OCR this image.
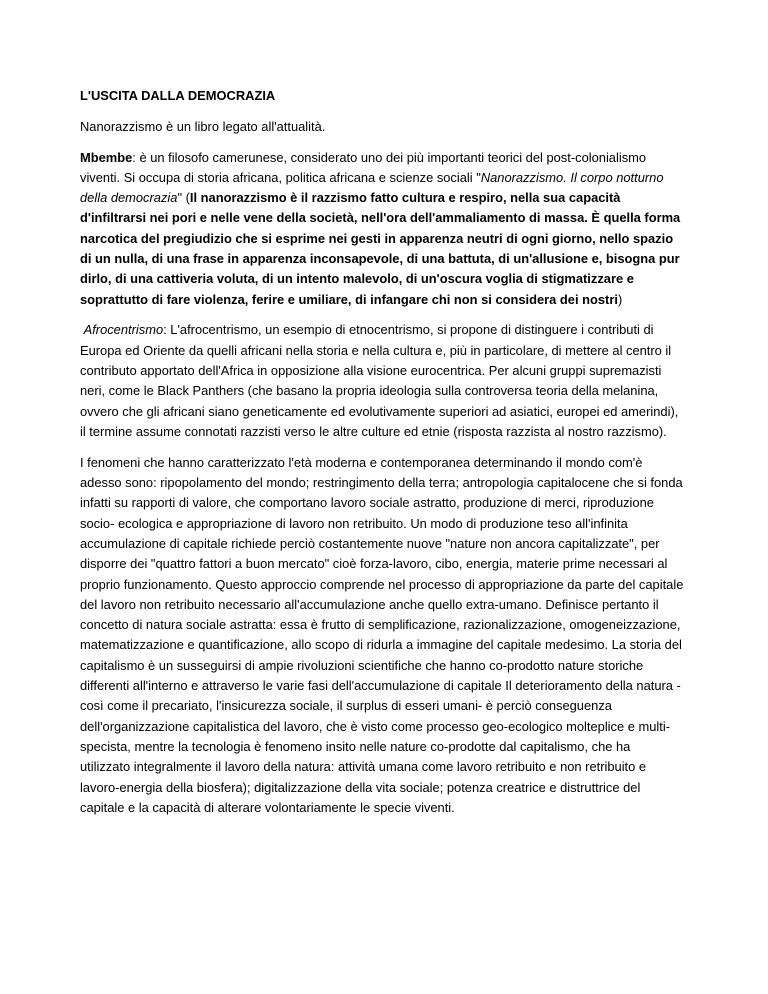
L'USCITA DALLA DEMOCRAZIA

Nanorazzismo è un libro legato all'attualità.

Mbembe: è un filosofo camerunese, considerato uno dei più importanti teorici del post-colonialismo viventi. Si occupa di storia africana, politica africana e scienze sociali "Nanorazzismo. Il corpo notturno della democrazia" (Il nanorazzismo è il razzismo fatto cultura e respiro, nella sua capacità d'infiltrarsi nei pori e nelle vene della società, nell'ora dell'ammaliamento di massa. È quella forma narcotica del pregiudizio che si esprime nei gesti in apparenza neutri di ogni giorno, nello spazio di un nulla, di una frase in apparenza inconsapevole, di una battuta, di un'allusione e, bisogna pur dirlo, di una cattiveria voluta, di un intento malevolo, di un'oscura voglia di stigmatizzare e soprattutto di fare violenza, ferire e umiliare, di infangare chi non si considera dei nostri)

Afrocentrismo: L'afrocentrismo, un esempio di etnocentrismo, si propone di distinguere i contributi di Europa ed Oriente da quelli africani nella storia e nella cultura e, più in particolare, di mettere al centro il contributo apportato dell'Africa in opposizione alla visione eurocentrica. Per alcuni gruppi supremazisti neri, come le Black Panthers (che basano la propria ideologia sulla controversa teoria della melanina, ovvero che gli africani siano geneticamente ed evolutivamente superiori ad asiatici, europei ed amerindi), il termine assume connotati razzisti verso le altre culture ed etnie (risposta razzista al nostro razzismo).

I fenomeni che hanno caratterizzato l'età moderna e contemporanea determinando il mondo com'è adesso sono: ripopolamento del mondo; restringimento della terra; antropologia capitalocene che si fonda infatti su rapporti di valore, che comportano lavoro sociale astratto, produzione di merci, riproduzione socio- ecologica e appropriazione di lavoro non retribuito. Un modo di produzione teso all'infinita accumulazione di capitale richiede perciò costantemente nuove "nature non ancora capitalizzate", per disporre dei "quattro fattori a buon mercato" cioè forza-lavoro, cibo, energia, materie prime necessari al proprio funzionamento. Questo approccio comprende nel processo di appropriazione da parte del capitale del lavoro non retribuito necessario all'accumulazione anche quello extra-umano. Definisce pertanto il concetto di natura sociale astratta: essa è frutto di semplificazione, razionalizzazione, omogeneizzazione, matematizzazione e quantificazione, allo scopo di ridurla a immagine del capitale medesimo. La storia del capitalismo è un susseguirsi di ampie rivoluzioni scientifiche che hanno co-prodotto nature storiche differenti all'interno e attraverso le varie fasi dell'accumulazione di capitale Il deterioramento della natura -così come il precariato, l'insicurezza sociale, il surplus di esseri umani- è perciò conseguenza dell'organizzazione capitalistica del lavoro, che è visto come processo geo-ecologico molteplice e multi- specista, mentre la tecnologia è fenomeno insito nelle nature co-prodotte dal capitalismo, che ha utilizzato integralmente il lavoro della natura: attività umana come lavoro retribuito e non retribuito e lavoro-energia della biosfera); digitalizzazione della vita sociale; potenza creatrice e distruttrice del capitale e la capacità di alterare volontariamente le specie viventi.
